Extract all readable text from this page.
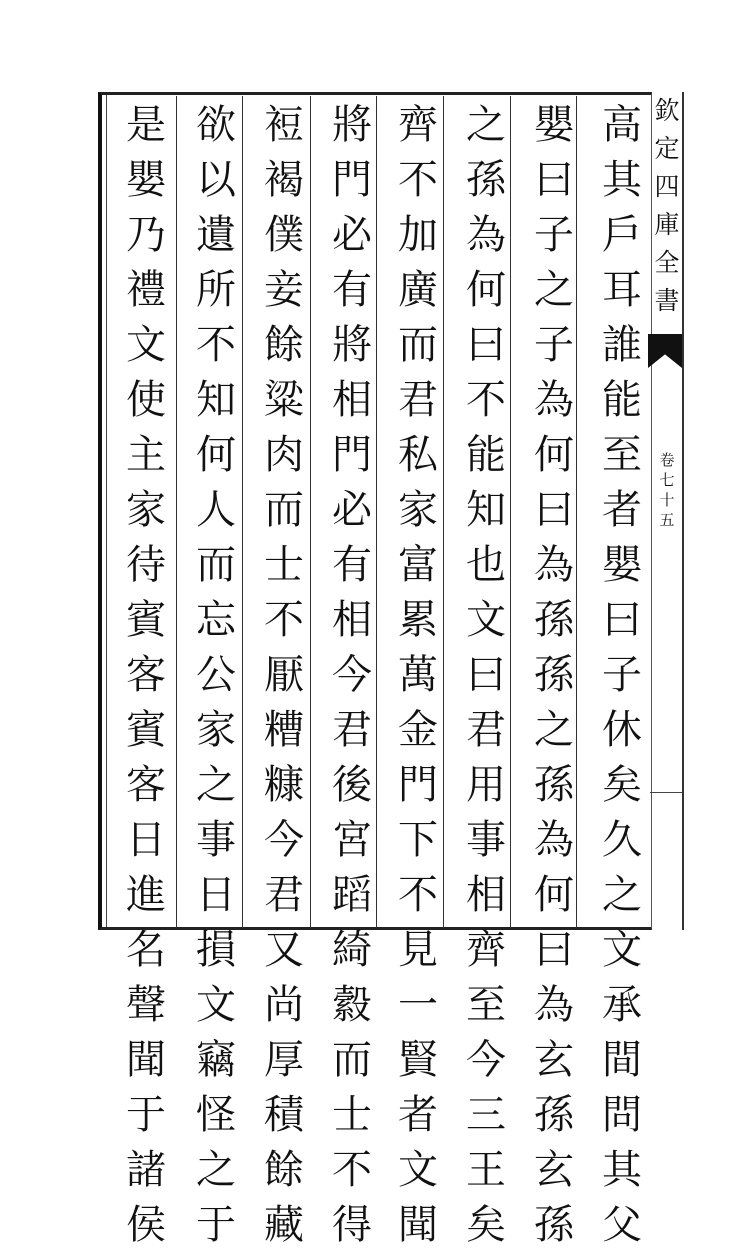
高
其
戶
耳
誰
能
至
者
嬰
曰
子
休
矣
久
之
文
承
間
問
其
父
嬰
曰
子
之
子
為
何
曰
為
孫
孫
之
孫
為
何
曰
為
玄
孫
玄
孫
之
孫
為
何
曰
不
能
知
也
文
曰
君
用
事
相
齊
至
今
三
王
矣
齊
不
加
廣
而
君
私
家
富
累
萬
金
門
下
不
見
一
賢
者
文
聞
將
門
必
有
將
相
門
必
有
相
今
君
後
宮
蹈
綺
縠
而
士
不
得
裋
褐
僕
妾
餘
粱
肉
而
士
不
厭
糟
糠
今
君
又
尚
厚
積
餘
藏
欲
以
遺
所
不
知
何
人
而
忘
公
家
之
事
日
損
文
竊
怪
之
于
是
嬰
乃
禮
文
使
主
家
待
賓
客
賓
客
日
進
名
聲
聞
于
諸
侯
欽
定
四
庫
全
書
卷
七
十
五
